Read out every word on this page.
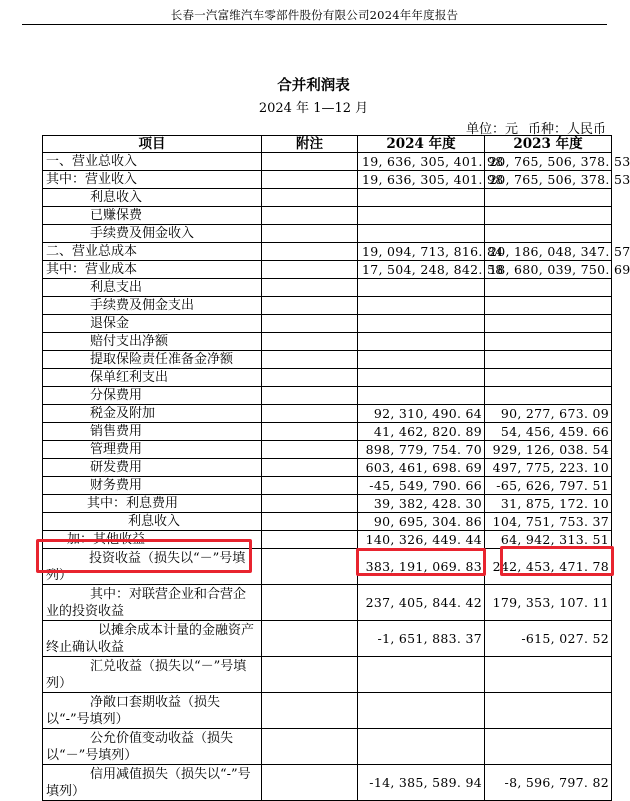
长春一汽富维汽车零部件股份有限公司2024年年度报告
合并利润表
2024 年 1—12 月
单位：元 币种：人民币
项目	附注	2024 年度	2023 年度
一、营业总收入		19, 636, 305, 401. 98	20, 765, 506, 378. 53
其中：营业收入		19, 636, 305, 401. 98	20, 765, 506, 378. 53
利息收入			
已赚保费			
手续费及佣金收入			
二、营业总成本		19, 094, 713, 816. 84	20, 186, 048, 347. 57
其中：营业成本		17, 504, 248, 842. 58	18, 680, 039, 750. 69
利息支出			
手续费及佣金支出			
退保金			
赔付支出净额			
提取保险责任准备金净额			
保单红利支出			
分保费用			
税金及附加		92, 310, 490. 64	90, 277, 673. 09
销售费用		41, 462, 820. 89	54, 456, 459. 66
管理费用		898, 779, 754. 70	929, 126, 038. 54
研发费用		603, 461, 698. 69	497, 775, 223. 10
财务费用		-45, 549, 790. 66	-65, 626, 797. 51
其中：利息费用		39, 382, 428. 30	31, 875, 172. 10
利息收入		90, 695, 304. 86	104, 751, 753. 37
加：其他收益		140, 326, 449. 44	64, 942, 313. 51
投资收益（损失以“－”号填列）		383, 191, 069. 83	242, 453, 471. 78
其中：对联营企业和合营企业的投资收益		237, 405, 844. 42	179, 353, 107. 11
以摊余成本计量的金融资产终止确认收益		-1, 651, 883. 37	-615, 027. 52
汇兑收益（损失以“－”号填列）			
净敞口套期收益（损失以“-”号填列）			
公允价值变动收益（损失以“－”号填列）			
信用减值损失（损失以“-”号填列）		-14, 385, 589. 94	-8, 596, 797. 82
